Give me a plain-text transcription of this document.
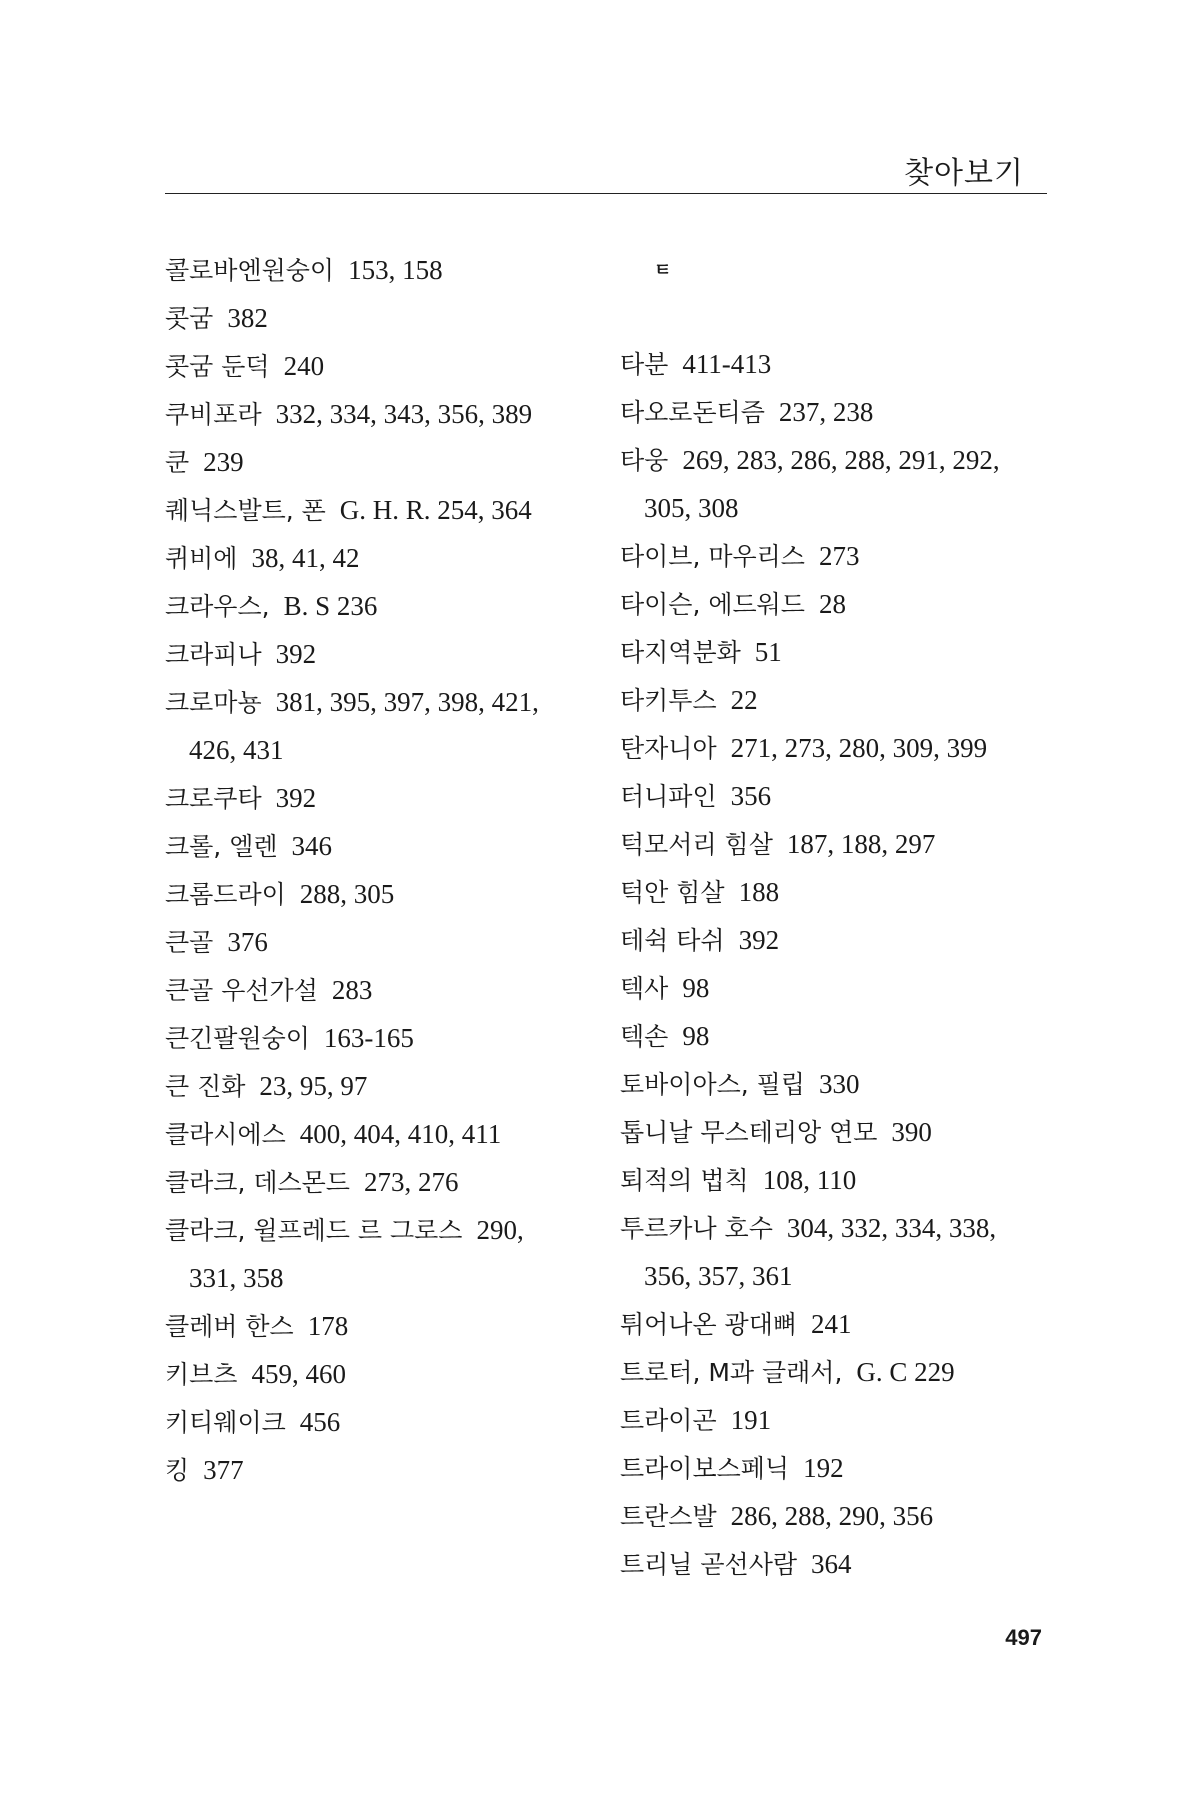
찾아보기
콜로바엔원숭이 153, 158
콧굼 382
콧굼 둔덕 240
쿠비포라 332, 334, 343, 356, 389
쿤 239
퀘닉스발트, 폰 G. H. R. 254, 364
퀴비에 38, 41, 42
크라우스, B. S 236
크라피나 392
크로마뇽 381, 395, 397, 398, 421,
426, 431
크로쿠타 392
크롤, 엘렌 346
크롬드라이 288, 305
큰골 376
큰골 우선가설 283
큰긴팔원숭이 163-165
큰 진화 23, 95, 97
클라시에스 400, 404, 410, 411
클라크, 데스몬드 273, 276
클라크, 윌프레드 르 그로스 290,
331, 358
클레버 한스 178
키브츠 459, 460
키티웨이크 456
킹 377
ㅌ
타분 411-413
타오로돈티즘 237, 238
타웅 269, 283, 286, 288, 291, 292,
305, 308
타이브, 마우리스 273
타이슨, 에드워드 28
타지역분화 51
타키투스 22
탄자니아 271, 273, 280, 309, 399
터니파인 356
턱모서리 힘살 187, 188, 297
턱안 힘살 188
테쉭 타쉬 392
텍사 98
텍손 98
토바이아스, 필립 330
톱니날 무스테리앙 연모 390
퇴적의 법칙 108, 110
투르카나 호수 304, 332, 334, 338,
356, 357, 361
튀어나온 광대뼈 241
트로터, M과 글래서, G. C 229
트라이곤 191
트라이보스페닉 192
트란스발 286, 288, 290, 356
트리닐 곧선사람 364
497
